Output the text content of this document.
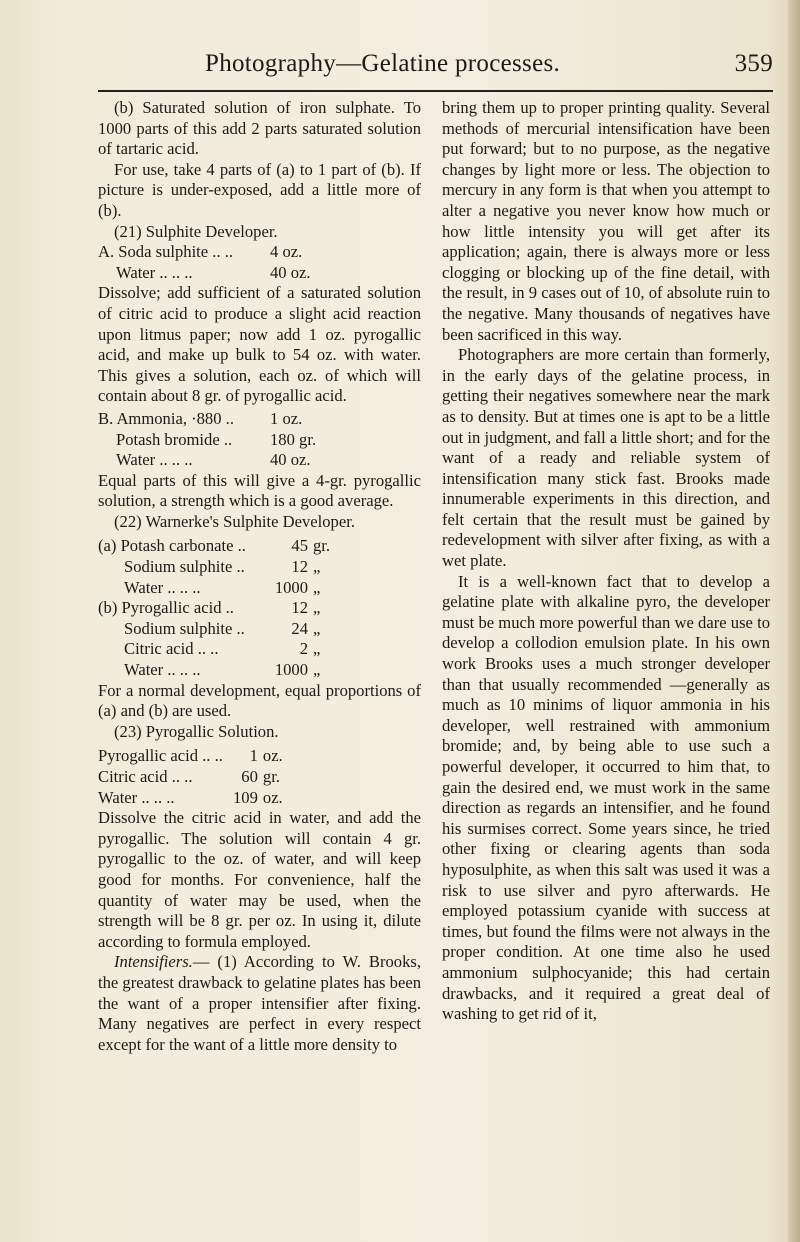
Photography—Gelatine processes.	359

(b) Saturated solution of iron sulphate. To 1000 parts of this add 2 parts saturated solution of tartaric acid.

For use, take 4 parts of (a) to 1 part of (b). If picture is under-exposed, add a little more of (b).

(21) Sulphite Developer.

A. Soda sulphite .. ..	4 oz.
Water .. .. ..	40 oz.

Dissolve; add sufficient of a saturated solution of citric acid to produce a slight acid reaction upon litmus paper; now add 1 oz. pyrogallic acid, and make up bulk to 54 oz. with water. This gives a solution, each oz. of which will contain about 8 gr. of pyrogallic acid.

B. Ammonia, ·880 ..	1 oz.
Potash bromide ..	180 gr.
Water .. .. ..	40 oz.

Equal parts of this will give a 4-gr. pyrogallic solution, a strength which is a good average.

(22) Warnerke's Sulphite Developer.

(a) Potash carbonate ..	45	gr.
Sodium sulphite ..	12	„
Water .. .. ..	1000	„
(b) Pyrogallic acid ..	12	„
Sodium sulphite ..	24	„
Citric acid .. ..	2	„
Water .. .. ..	1000	„

For a normal development, equal proportions of (a) and (b) are used.

(23) Pyrogallic Solution.

Pyrogallic acid .. ..	1	oz.
Citric acid .. ..	60	gr.
Water .. .. ..	109	oz.

Dissolve the citric acid in water, and add the pyrogallic. The solution will contain 4 gr. pyrogallic to the oz. of water, and will keep good for months. For convenience, half the quantity of water may be used, when the strength will be 8 gr. per oz. In using it, dilute according to formula employed.

Intensifiers.— (1) According to W. Brooks, the greatest drawback to gelatine plates has been the want of a proper intensifier after fixing. Many negatives are perfect in every respect except for the want of a little more density to

bring them up to proper printing quality. Several methods of mercurial intensification have been put forward; but to no purpose, as the negative changes by light more or less. The objection to mercury in any form is that when you attempt to alter a negative you never know how much or how little intensity you will get after its application; again, there is always more or less clogging or blocking up of the fine detail, with the result, in 9 cases out of 10, of absolute ruin to the negative. Many thousands of negatives have been sacrificed in this way.

Photographers are more certain than formerly, in the early days of the gelatine process, in getting their negatives somewhere near the mark as to density. But at times one is apt to be a little out in judgment, and fall a little short; and for the want of a ready and reliable system of intensification many stick fast. Brooks made innumerable experiments in this direction, and felt certain that the result must be gained by redevelopment with silver after fixing, as with a wet plate.

It is a well-known fact that to develop a gelatine plate with alkaline pyro, the developer must be much more powerful than we dare use to develop a collodion emulsion plate. In his own work Brooks uses a much stronger developer than that usually recommended —generally as much as 10 minims of liquor ammonia in his developer, well restrained with ammonium bromide; and, by being able to use such a powerful developer, it occurred to him that, to gain the desired end, we must work in the same direction as regards an intensifier, and he found his surmises correct. Some years since, he tried other fixing or clearing agents than soda hyposulphite, as when this salt was used it was a risk to use silver and pyro afterwards. He employed potassium cyanide with success at times, but found the films were not always in the proper condition. At one time also he used ammonium sulphocyanide; this had certain drawbacks, and it required a great deal of washing to get rid of it,
